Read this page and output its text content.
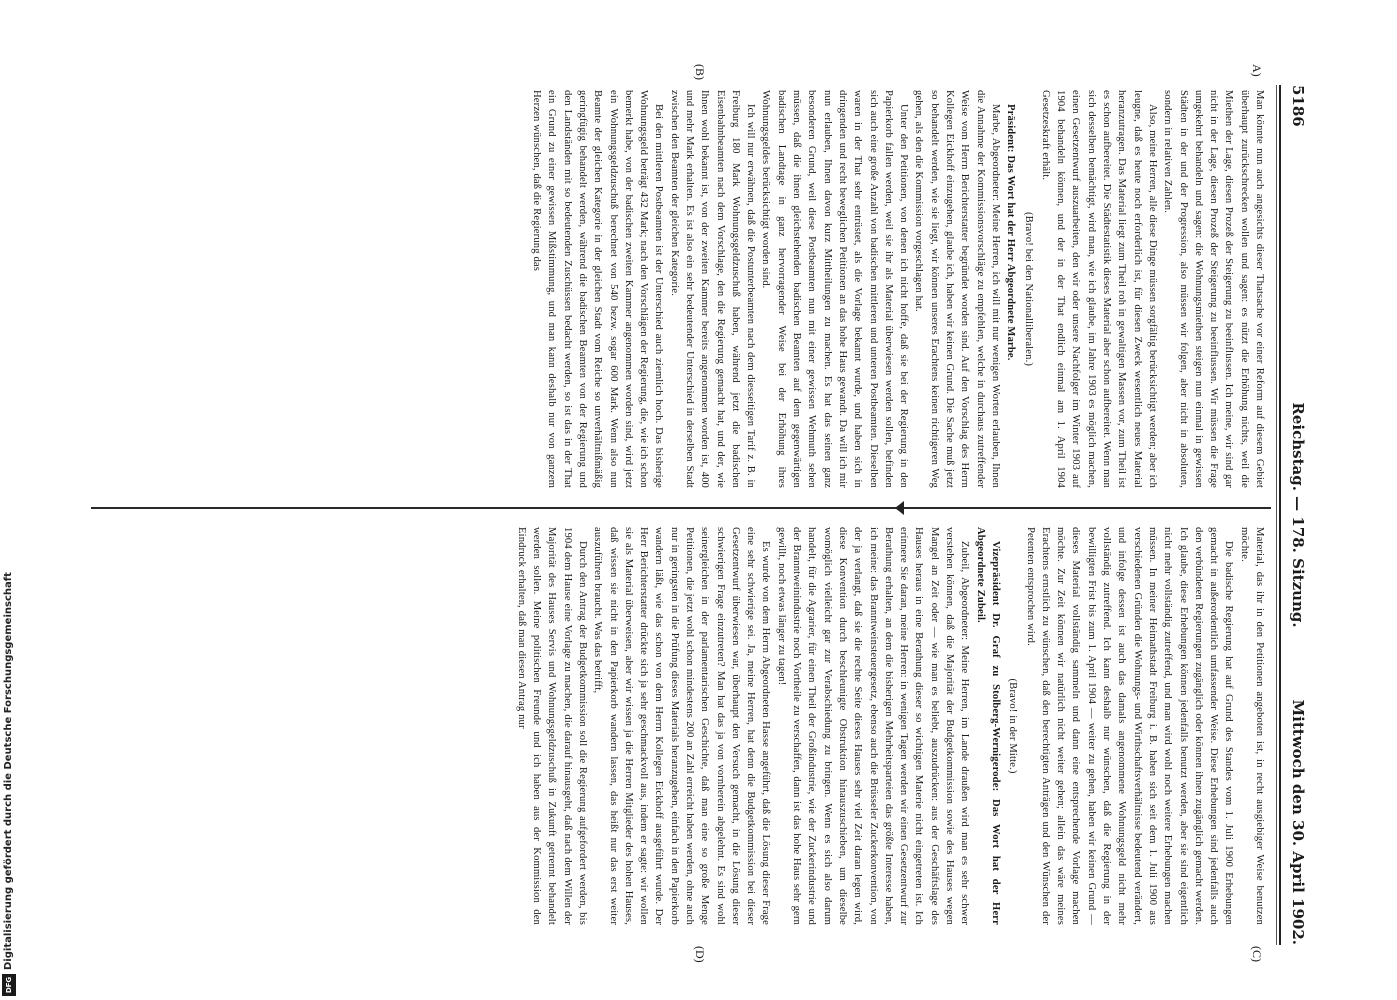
5186
Reichstag. — 178. Sitzung.
Mittwoch den 30. April 1902.
A)
(B)
(C)
(D)

Man könnte nun auch angesichts dieser Thatsache vor einer Reform auf diesem Gebiet überhaupt zurückschrecken wollen und sagen: es nützt die Erhöhung nichts, weil die Miethen der Lage, diesen Prozeß der Steigerung zu beeinflussen. Ich meine, wir sind gar nicht in der Lage, diesen Prozeß der Steigerung zu beeinflussen. Wir müssen die Frage umgekehrt behandeln und sagen: die Wohnungsmiethen steigen nun einmal in gewissen Städten in der und der Progression, also müssen wir folgen, aber nicht in absoluten, sondern in relativen Zahlen.

Also, meine Herren, alle diese Dinge müssen sorgfältig berücksichtigt werden; aber ich leugne, daß es heute noch erforderlich ist, für diesen Zweck wesentlich neues Material heranzutragen. Das Material liegt zum Theil roh in gewaltigen Massen vor, zum Theil ist es schon aufbereitet. Die Städtestatistik dieses Material aber schon aufbereitet. Wenn man sich desselben bemächtigt, wird man, wie ich glaube, im Jahre 1903 es möglich machen, einen Gesetzentwurf auszuarbeiten, den wir oder unsere Nachfolger im Winter 1903 auf 1904 behandeln können, und der in der That endlich einmal am 1. April 1904 Gesetzeskraft erhält.

(Bravo! bei den Nationalliberalen.)

Präsident: Das Wort hat der Herr Abgeordnete Marbe.

Marbe, Abgeordneter: Meine Herren, ich will mit nur wenigen Worten erlauben, Ihnen die Annahme der Kommissionsvorschläge zu empfehlen, welche in durchaus zutreffender Weise vom Herrn Berichterstatter begründet worden sind. Auf den Vorschlag des Herrn Kollegen Eickhoff einzugehen, glaube ich, haben wir keinen Grund. Die Sache muß jetzt so behandelt werden, wie sie liegt, wir können unseres Erachtens keinen richtigeren Weg gehen, als den die Kommission vorgeschlagen hat.

Unter den Petitionen, von denen ich nicht hoffe, daß sie bei der Regierung in den Papierkorb fallen werden, weil sie ihr als Material überwiesen werden sollen, befinden sich auch eine große Anzahl von badischen mittleren und unteren Postbeamten. Dieselben waren in der That sehr entrüstet, als die Vorlage bekannt wurde, und haben sich in dringenden und recht beweglichen Petitionen an das hohe Haus gewandt. Da will ich mir nun erlauben, Ihnen davon kurz Mittheilungen zu machen. Es hat das seinen ganz besonderen Grund, weil diese Postbeamten nun mit einer gewissen Wehmuth sehen müssen, daß die ihnen gleichstehenden badischen Beamten auf dem gegenwärtigen badischen Landtage in ganz hervorragender Weise bei der Erhöhung ihres Wohnungsgeldes berücksichtigt worden sind.

Ich will nur erwähnen, daß die Postunterbeamten nach dem diesseitigen Tarif z. B. in Freiburg 180 Mark Wohnungsgeldzuschuß haben, während jetzt die badischen Eisenbahnbeamten nach dem Vorschlage, den die Regierung gemacht hat, und der, wie Ihnen wohl bekannt ist, von der zweiten Kammer bereits angenommen worden ist, 400 und mehr Mark erhalten. Es ist also ein sehr bedeutender Unterschied in derselben Stadt zwischen den Beamten der gleichen Kategorie.

Bei den mittleren Postbeamten ist der Unterschied auch ziemlich hoch. Das bisherige Wohnungsgeld beträgt 432 Mark; nach den Vorschlägen der Regierung, die, wie ich schon bemerkt habe, von der badischen zweiten Kammer angenommen worden sind, wird jetzt ein Wohnungsgeldzuschuß berechnet von 540 bezw. sogar 600 Mark. Wenn also nun Beamte der gleichen Kategorie in der gleichen Stadt vom Reiche so unverhältnißmäßig geringfügig behandelt werden, während die badischen Beamten von der Regierung und den Landständen mit so bedeutenden Zuschüssen bedacht werden, so ist das in der That ein Grund zu einer gewissen Mißstimmung, und man kann deshalb nur von ganzem Herzen wünschen, daß die Regierung das

Material, das ihr in den Petitionen angeboten ist, in recht ausgiebiger Weise benutzen möchte.

Die badische Regierung hat auf Grund des Standes vom 1. Juli 1900 Erhebungen gemacht in außerordentlich umfassender Weise. Diese Erhebungen sind jedenfalls auch den verbündeten Regierungen zugänglich oder können ihnen zugänglich gemacht werden. Ich glaube, diese Erhebungen können jedenfalls benutzt werden, aber sie sind eigentlich nicht mehr vollständig zutreffend, und man wird wohl noch weitere Erhebungen machen müssen. In meiner Heimathstadt Freiburg i. B. haben sich seit dem 1. Juli 1900 aus verschiedenen Gründen die Wohnungs- und Wirthschaftsverhältnisse bedeutend verändert, und infolge dessen ist auch das damals angenommene Wohnungsgeld nicht mehr vollständig zutreffend. Ich kann deshalb nur wünschen, daß die Regierung in der bewilligten Frist bis zum 1. April 1904 — weiter zu gehen, haben wir keinen Grund — dieses Material vollständig sammeln und dann eine entsprechende Vorlage machen möchte. Zur Zeit können wir natürlich nicht weiter gehen; allein das wäre meines Erachtens ernstlich zu wünschen, daß den berechtigten Anträgen und den Wünschen der Petenten entsprochen wird.

(Bravo! in der Mitte.)

Vizepräsident Dr. Graf zu Stolberg-Wernigerode: Das Wort hat der Herr Abgeordnete Zubeil.

Zubeil, Abgeordneter: Meine Herren, im Lande draußen wird man es sehr schwer verstehen können, daß die Majorität der Budgetkommission sowie des Hauses wegen Mangel an Zeit oder — wie man es beliebt, auszudrücken: aus der Geschäftslage des Hauses heraus in eine Berathung dieser so wichtigen Materie nicht eingetreten ist. Ich erinnere Sie daran, meine Herren: in wenigen Tagen werden wir einen Gesetzentwurf zur Berathung erhalten, an dem die bisherigen Mehrheitsparteien das größte Interesse haben, ich meine: das Branntweinsteuergesetz, ebenso auch die Brüsseler Zuckerkonvention, von der ja verlangt, daß sie die rechte Seite dieses Hauses sehr viel Zeit daran legen wird, diese Konvention durch beschleunigte Obstruktion hinauszuschieben, um dieselbe womöglich vielleicht gar zur Verabschiedung zu bringen. Wenn es sich also darum handelt, für die Agrarier, für einen Theil der Großindustrie, wie der Zuckerindustrie und der Branntweinindustrie noch Vortheile zu verschaffen, dann ist das hohe Haus sehr gern gewillt, noch etwas länger zu tagen!

Es wurde von dem Herrn Abgeordneten Hasse angeführt, daß die Lösung dieser Frage eine sehr schwierige sei. Ja, meine Herren, hat denn die Budgetkommission bei dieser Gesetzentwurf überwiesen war, überhaupt den Versuch gemacht, in die Lösung dieser schwierigen Frage einzutreten? Man hat das ja von vornherein abgelehnt. Es sind wohl seinergleichen in der parlamentarischen Geschichte, daß man eine so große Menge Petitionen, die jetzt wohl schon mindestens 200 an Zahl erreicht haben werden, ohne auch nur in geringsten in die Prüfung dieses Materials heranzugehen, einfach in den Papierkorb wandern läßt, wie das schon von dem Herrn Kollegen Eickhoff ausgeführt wurde. Der Herr Berichterstatter drückte sich ja sehr geschmackvoll aus, indem er sagte: wir wollen sie als Material überweisen, aber wir wissen ja die Herren Mitglieder des hohen Hauses, daß wissen sie nicht in den Papierkorb wandern lassen, das heißt nur das erst weiter auszuführen braucht. Was das betrifft,

Durch den Antrag der Budgetkommission soll die Regierung aufgefordert werden, bis 1904 dem Hause eine Vorlage zu machen, die darauf hinausgeht, daß nach dem Willen der Majorität des Hauses Servis und Wohnungsgeldzuschuß in Zukunft getrennt behandelt werden sollen. Meine politischen Freunde und ich haben aus der Kommission den Eindruck erhalten, daß man diesen Antrag nur

Digitalisierung gefördert durch die Deutsche Forschungsgemeinschaft
DFG
